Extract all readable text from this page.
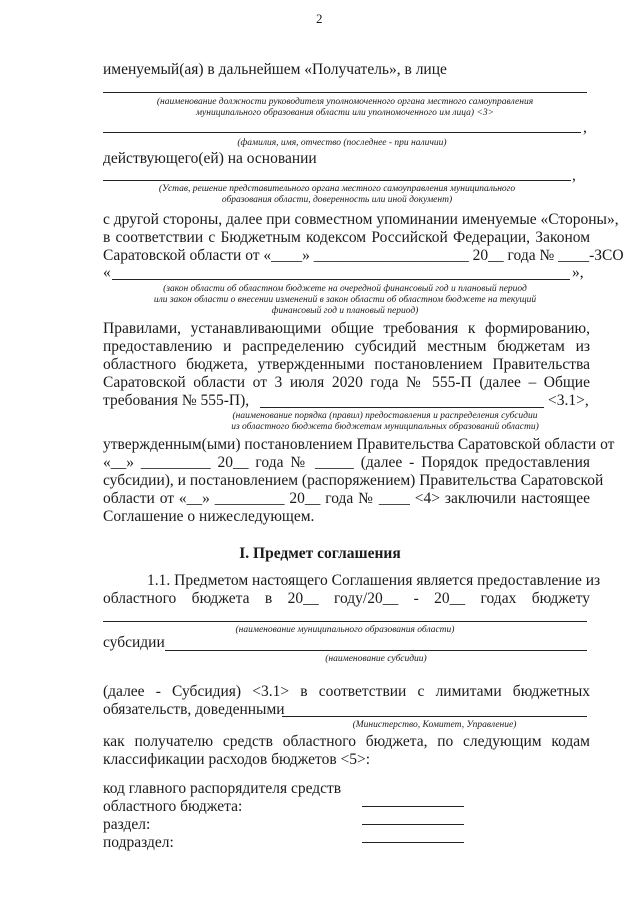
2
именуемый(ая) в дальнейшем «Получатель», в лице
(наименование должности руководителя уполномоченного органа местного самоуправления
муниципального образования области или уполномоченного им лица) <3>
,
(фамилия, имя, отчество (последнее - при наличии)
действующего(ей) на основании
,
(Устав, решение представительного органа местного самоуправления муниципального
образования области, доверенность или иной документ)
с другой стороны, далее при совместном упоминании именуемые «Стороны»,
в соответствии с Бюджетным кодексом Российской Федерации, Законом
Саратовской области от «____» ____________________ 20__ года № ____-ЗСО
«	»,
(закон области об областном бюджете на очередной финансовый год и плановый период
или закон области о внесении изменений в закон области об областном бюджете на текущий
финансовый год и плановый период)
Правилами, устанавливающими общие требования к формированию,
предоставлению и распределению субсидий местным бюджетам из
областного бюджета, утвержденными постановлением Правительства
Саратовской области от 3 июля 2020 года № 555-П (далее – Общие
требования № 555-П),	<3.1>,
(наименование порядка (правил) предоставления и распределения субсидии
из областного бюджета бюджетам муниципальных образований области)
утвержденным(ыми) постановлением Правительства Саратовской области от
«__» _________ 20__ года № _____ (далее - Порядок предоставления
субсидии), и постановлением (распоряжением) Правительства Саратовской
области от «__» _________ 20__ года № ____ <4> заключили настоящее
Соглашение о нижеследующем.
I. Предмет соглашения
1.1. Предметом настоящего Соглашения является предоставление из
областного бюджета в 20__ году/20__ - 20__ годах бюджету
(наименование муниципального образования области)
субсидии
(наименование субсидии)
(далее - Субсидия) <3.1> в соответствии с лимитами бюджетных
обязательств, доведенными
(Министерство, Комитет, Управление)
как получателю средств областного бюджета, по следующим кодам
классификации расходов бюджетов <5>:
код главного распорядителя средств
областного бюджета:
раздел:
подраздел:
